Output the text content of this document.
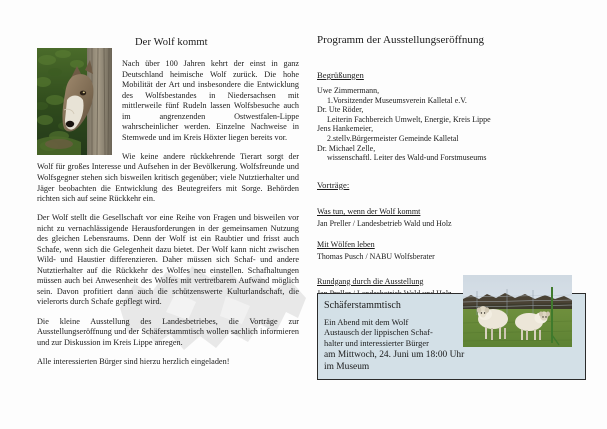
Der Wolf kommt

Nach über 100 Jahren kehrt der einst in ganz Deutschland heimische Wolf zurück. Die hohe Mobilität der Art und insbesondere die Entwicklung des Wolfsbestandes in Niedersachsen mit mittlerweile fünf Rudeln lassen Wolfsbesuche auch im angrenzenden Ostwestfalen-Lippe wahrscheinlicher werden. Einzelne Nachweise in Stemwede und im Kreis Höxter liegen bereits vor.

Wie keine andere rückkehrende Tierart sorgt der Wolf für großes Interesse und Aufsehen in der Bevölkerung. Wolfsfreunde und Wolfsgegner stehen sich bisweilen kritisch gegenüber; viele Nutztierhalter und Jäger beobachten die Entwicklung des Beutegreifers mit Sorge. Behörden richten sich auf seine Rückkehr ein.

Der Wolf stellt die Gesellschaft vor eine Reihe von Fragen und bisweilen vor nicht zu vernachlässigende Herausforderungen in der gemeinsamen Nutzung des gleichen Lebensraums. Denn der Wolf ist ein Raubtier und frisst auch Schafe, wenn sich die Gelegenheit dazu bietet. Der Wolf kann nicht zwischen Wild- und Haustier differenzieren. Daher müssen sich Schaf- und andere Nutztierhalter auf die Rückkehr des Wolfes neu einstellen. Schafhaltungen müssen auch bei Anwesenheit des Wolfes mit vertretbarem Aufwand möglich sein. Davon profitiert dann auch die schützenswerte Kulturlandschaft, die vielerorts durch Schafe gepflegt wird.

Die kleine Ausstellung des Landesbetriebes, die Vorträge zur Ausstellungseröffnung und der Schäferstammtisch wollen sachlich informieren und zur Diskussion im Kreis Lippe anregen.

Alle interessierten Bürger sind hierzu herzlich eingeladen!

Programm der Ausstellungseröffnung
Begrüßungen

Uwe Zimmermann,

1.Vorsitzender Museumsverein Kalletal e.V.

Dr. Ute Röder,

Leiterin Fachbereich Umwelt, Energie, Kreis Lippe

Jens Hankemeier,

2.stellv.Bürgermeister Gemeinde Kalletal

Dr. Michael Zelle,

wissenschaftl. Leiter des Wald-und Forstmuseums

Vorträge:
Was tun, wenn der Wolf kommt

Jan Preller / Landesbetrieb Wald und Holz

Mit Wölfen leben

Thomas Pusch / NABU Wolfsberater

Rundgang durch die Ausstellung

Schäferstammtisch

Ein Abend mit dem Wolf

Austausch der lippischen Schaf-

halter und interessierter Bürger

am Mittwoch, 24. Juni um 18:00 Uhr

im Museum
